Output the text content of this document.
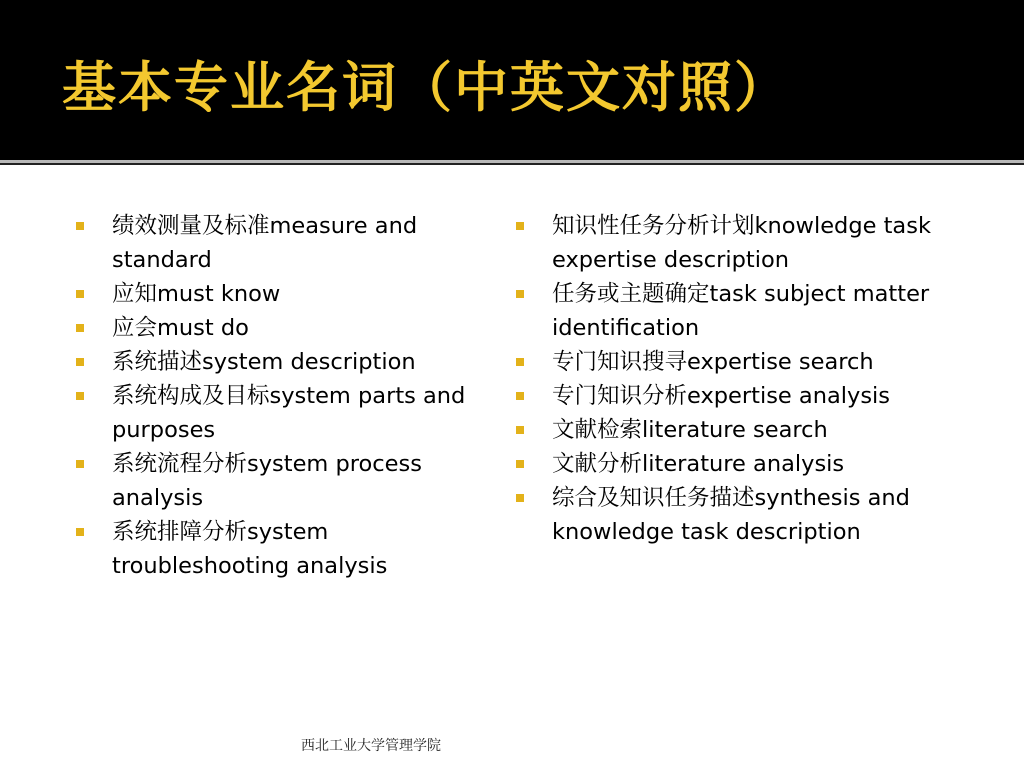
基本专业名词（中英文对照）
绩效测量及标准measure and standard
应知must know
应会must do
系统描述system description
系统构成及目标system parts and purposes
系统流程分析system process analysis
系统排障分析system troubleshooting analysis
知识性任务分析计划knowledge task expertise description
任务或主题确定task subject matter identification
专门知识搜寻expertise search
专门知识分析expertise analysis
文献检索literature search
文献分析literature analysis
综合及知识任务描述synthesis and knowledge task description

西北工业大学管理学院
